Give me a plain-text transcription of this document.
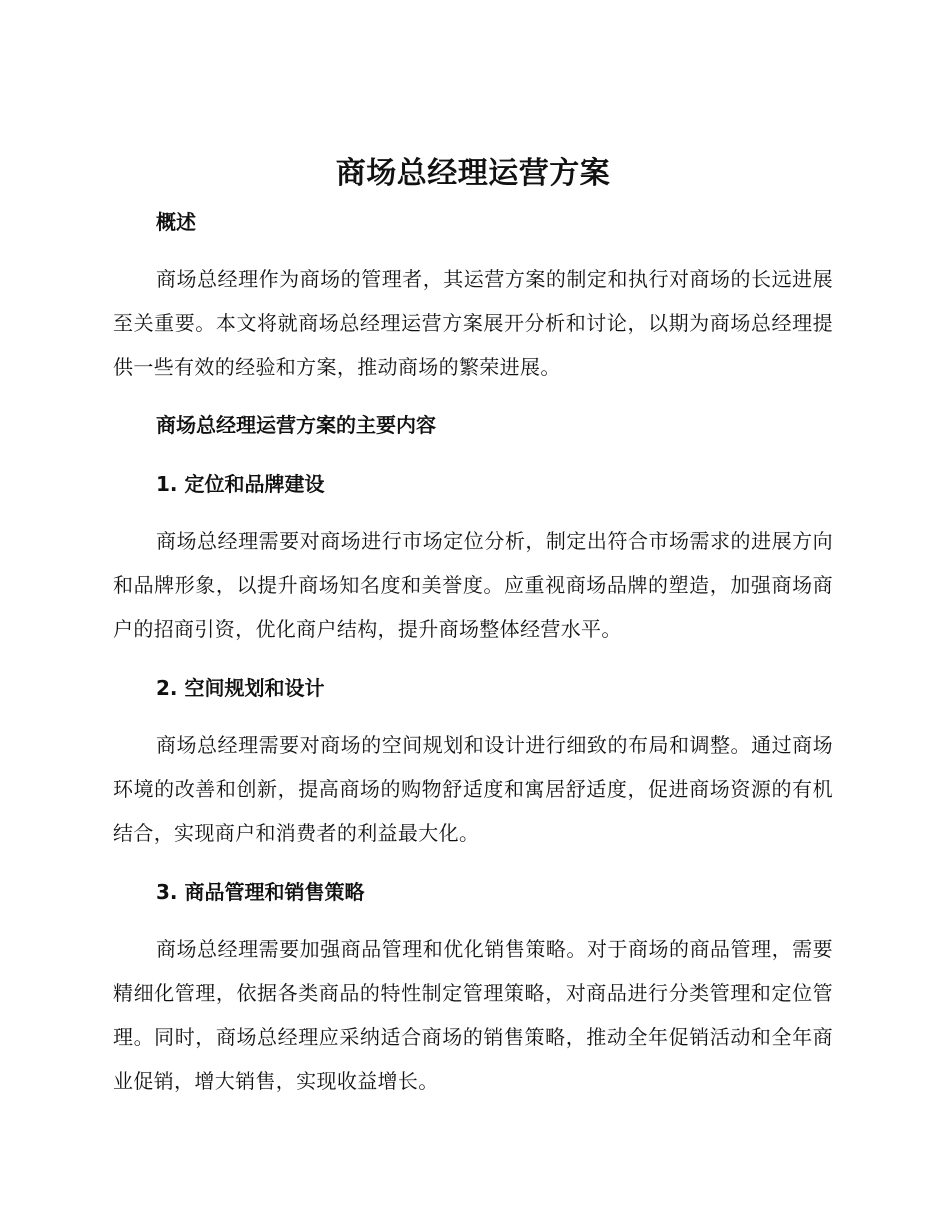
商场总经理运营方案
概述
商场总经理作为商场的管理者，其运营方案的制定和执行对商场的长远进展至关重要。本文将就商场总经理运营方案展开分析和讨论，以期为商场总经理提供一些有效的经验和方案，推动商场的繁荣进展。
商场总经理运营方案的主要内容
1. 定位和品牌建设
商场总经理需要对商场进行市场定位分析，制定出符合市场需求的进展方向和品牌形象，以提升商场知名度和美誉度。应重视商场品牌的塑造，加强商场商户的招商引资，优化商户结构，提升商场整体经营水平。
2. 空间规划和设计
商场总经理需要对商场的空间规划和设计进行细致的布局和调整。通过商场环境的改善和创新，提高商场的购物舒适度和寓居舒适度，促进商场资源的有机结合，实现商户和消费者的利益最大化。
3. 商品管理和销售策略
商场总经理需要加强商品管理和优化销售策略。对于商场的商品管理，需要精细化管理，依据各类商品的特性制定管理策略，对商品进行分类管理和定位管理。同时，商场总经理应采纳适合商场的销售策略，推动全年促销活动和全年商业促销，增大销售，实现收益增长。
